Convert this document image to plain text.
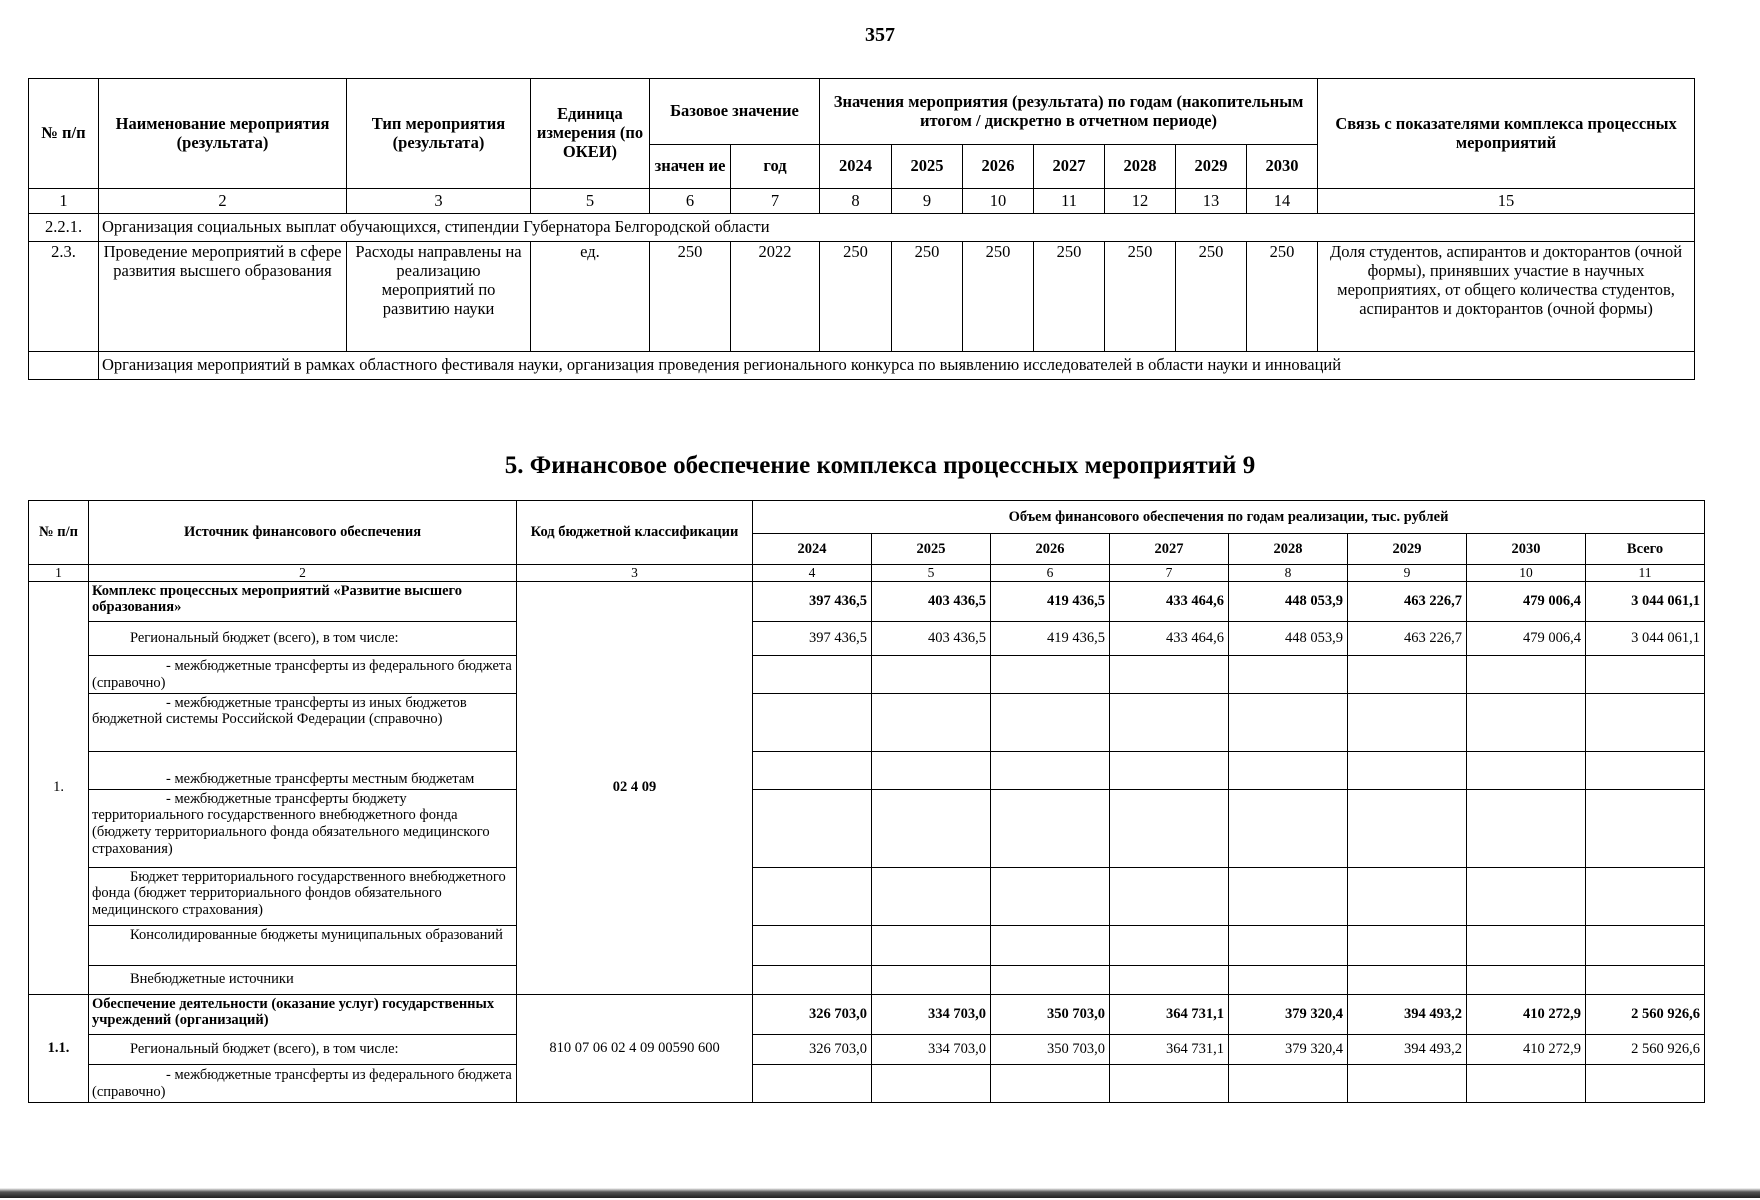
357
№ п/п	Наименование мероприятия (результата)	Тип мероприятия (результата)	Единица измерения (по ОКЕИ)	Базовое значение		Значения мероприятия (результата) по годам (накопительным итогом / дискретно в отчетном периоде)							Связь с показателями комплекса процессных мероприятий
				значен ие	год	2024	2025	2026	2027	2028	2029	2030	
1	2	3	5	6	7	8	9	10	11	12	13	14	15
2.2.1.	Организация социальных выплат обучающихся, стипендии Губернатора Белгородской области												
2.3.	Проведение мероприятий в сфере развития высшего образования	Расходы направлены на реализацию мероприятий по развитию науки	ед.	250	2022	250	250	250	250	250	250	250	Доля студентов, аспирантов и докторантов (очной формы), принявших участие в научных мероприятиях, от общего количества студентов, аспирантов и докторантов (очной формы)
	Организация мероприятий в рамках областного фестиваля науки, организация проведения регионального конкурса по выявлению исследователей в области науки и инноваций												
5. Финансовое обеспечение комплекса процессных мероприятий 9
№ п/п	Источник финансового обеспечения	Код бюджетной классификации	Объем финансового обеспечения по годам реализации, тыс. рублей							
			2024	2025	2026	2027	2028	2029	2030	Всего
1	2	3	4	5	6	7	8	9	10	11
1.	Комплекс процессных мероприятий «Развитие высшего образования»	02 4 09	397 436,5	403 436,5	419 436,5	433 464,6	448 053,9	463 226,7	479 006,4	3 044 061,1
	Региональный бюджет (всего), в том числе:		397 436,5	403 436,5	419 436,5	433 464,6	448 053,9	463 226,7	479 006,4	3 044 061,1
	- межбюджетные трансферты из федерального бюджета (справочно)									
	- межбюджетные трансферты из иных бюджетов бюджетной системы Российской Федерации (справочно)									
	- межбюджетные трансферты местным бюджетам									
	- межбюджетные трансферты бюджету территориального государственного внебюджетного фонда (бюджету территориального фонда обязательного медицинского страхования)									
	Бюджет территориального государственного внебюджетного фонда (бюджет территориального фондов обязательного медицинского страхования)									
	Консолидированные бюджеты муниципальных образований									
	Внебюджетные источники									
1.1.	Обеспечение деятельности (оказание услуг) государственных учреждений (организаций)	810 07 06 02 4 09 00590 600	326 703,0	334 703,0	350 703,0	364 731,1	379 320,4	394 493,2	410 272,9	2 560 926,6
	Региональный бюджет (всего), в том числе:		326 703,0	334 703,0	350 703,0	364 731,1	379 320,4	394 493,2	410 272,9	2 560 926,6
	- межбюджетные трансферты из федерального бюджета (справочно)									
